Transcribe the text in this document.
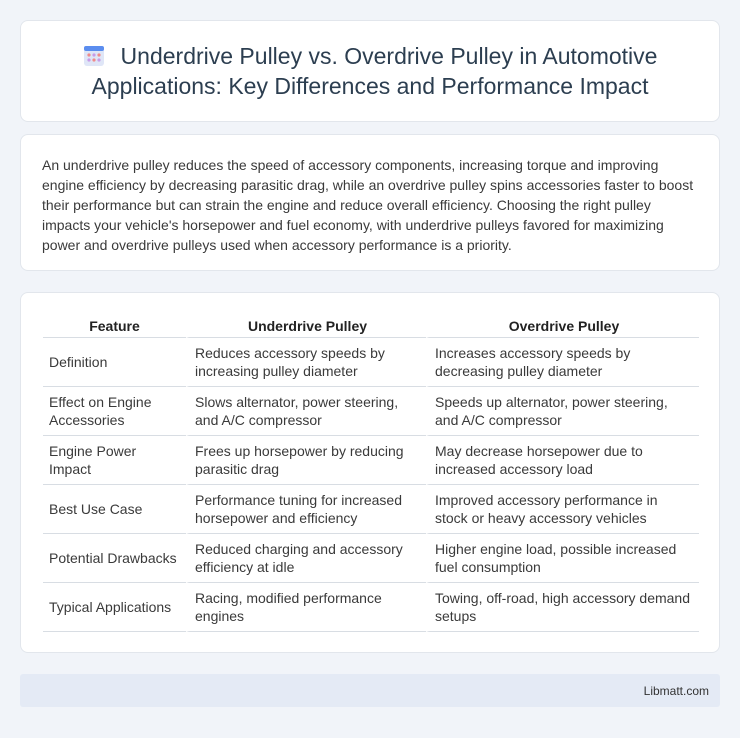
Underdrive Pulley vs. Overdrive Pulley in Automotive Applications: Key Differences and Performance Impact

An underdrive pulley reduces the speed of accessory components, increasing torque and improving engine efficiency by decreasing parasitic drag, while an overdrive pulley spins accessories faster to boost their performance but can strain the engine and reduce overall efficiency. Choosing the right pulley impacts your vehicle's horsepower and fuel economy, with underdrive pulleys favored for maximizing power and overdrive pulleys used when accessory performance is a priority.

Feature	Underdrive Pulley	Overdrive Pulley
Definition	Reduces accessory speeds by increasing pulley diameter	Increases accessory speeds by decreasing pulley diameter
Effect on Engine Accessories	Slows alternator, power steering, and A/C compressor	Speeds up alternator, power steering, and A/C compressor
Engine Power Impact	Frees up horsepower by reducing parasitic drag	May decrease horsepower due to increased accessory load
Best Use Case	Performance tuning for increased horsepower and efficiency	Improved accessory performance in stock or heavy accessory vehicles
Potential Drawbacks	Reduced charging and accessory efficiency at idle	Higher engine load, possible increased fuel consumption
Typical Applications	Racing, modified performance engines	Towing, off-road, high accessory demand setups
Libmatt.com
